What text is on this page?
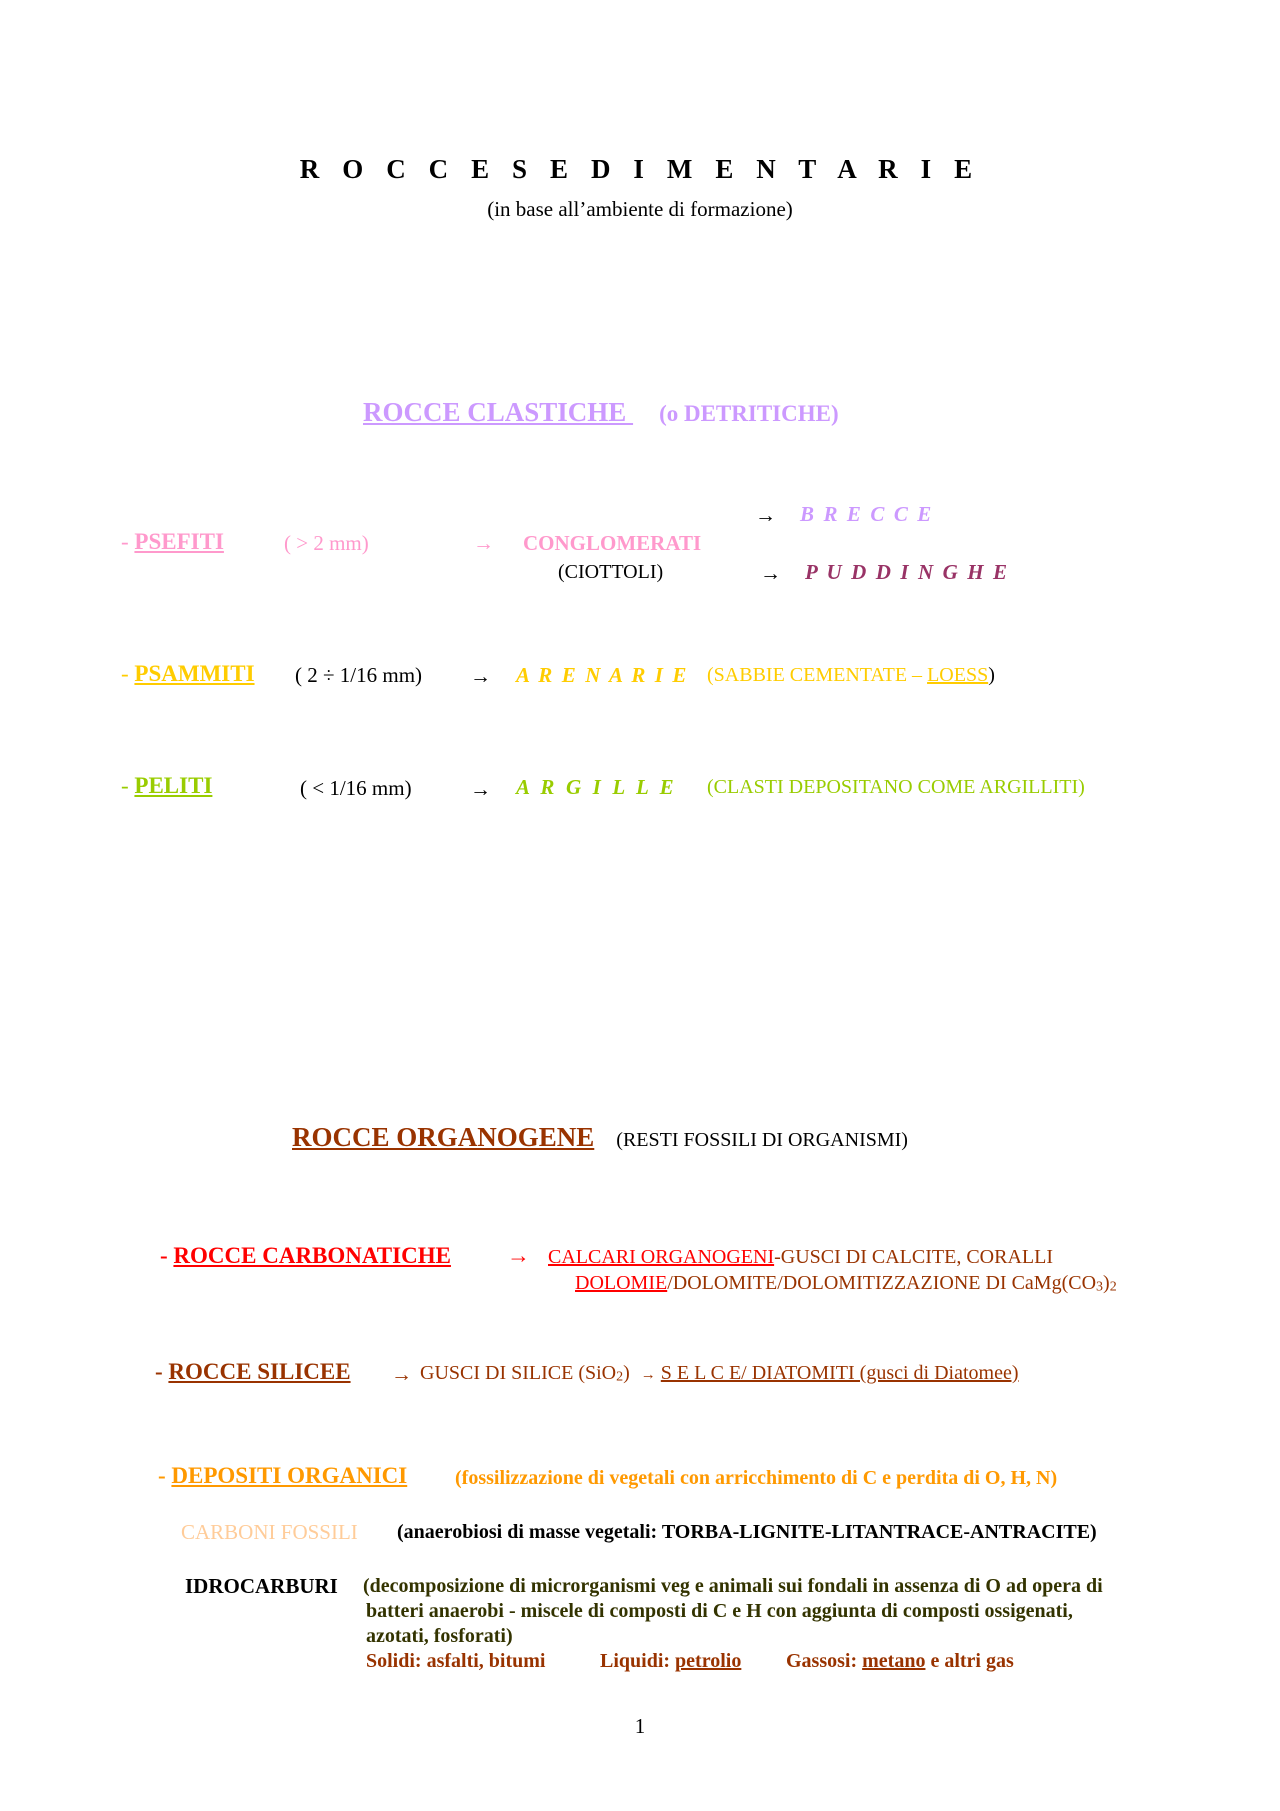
R O C C E S E D I M E N T A R I E
(in base all’ambiente di formazione)
ROCCE CLASTICHE (o DETRITICHE)
→ B R E C C E
- PSEFITI	( > 2 mm)	→ CONGLOMERATI
(CIOTTOLI)	→ P U D D I N G H E
- PSAMMITI ( 2 ÷ 1/16 mm) → A R E N A R I E (SABBIE CEMENTATE – LOESS)
- PELITI	( < 1/16 mm)	→ A R G I L L E (CLASTI DEPOSITANO COME ARGILLITI)
ROCCE ORGANOGENE (RESTI FOSSILI DI ORGANISMI)
- ROCCE CARBONATICHE → CALCARI ORGANOGENI-GUSCI DI CALCITE, CORALLI
DOLOMIE/DOLOMITE/DOLOMITIZZAZIONE DI CaMg(CO3)2
- ROCCE SILICEE → GUSCI DI SILICE (SiO2) → S E L C E/ DIATOMITI (gusci di Diatomee)
- DEPOSITI ORGANICI (fossilizzazione di vegetali con arricchimento di C e perdita di O, H, N)
CARBONI FOSSILI (anaerobiosi di masse vegetali: TORBA-LIGNITE-LITANTRACE-ANTRACITE)
IDROCARBURI (decomposizione di microrganismi veg e animali sui fondali in assenza di O ad opera di
batteri anaerobi - miscele di composti di C e H con aggiunta di composti ossigenati,
azotati, fosforati)
Solidi: asfalti, bitumi	Liquidi: petrolio Gassosi: metano e altri gas
1
